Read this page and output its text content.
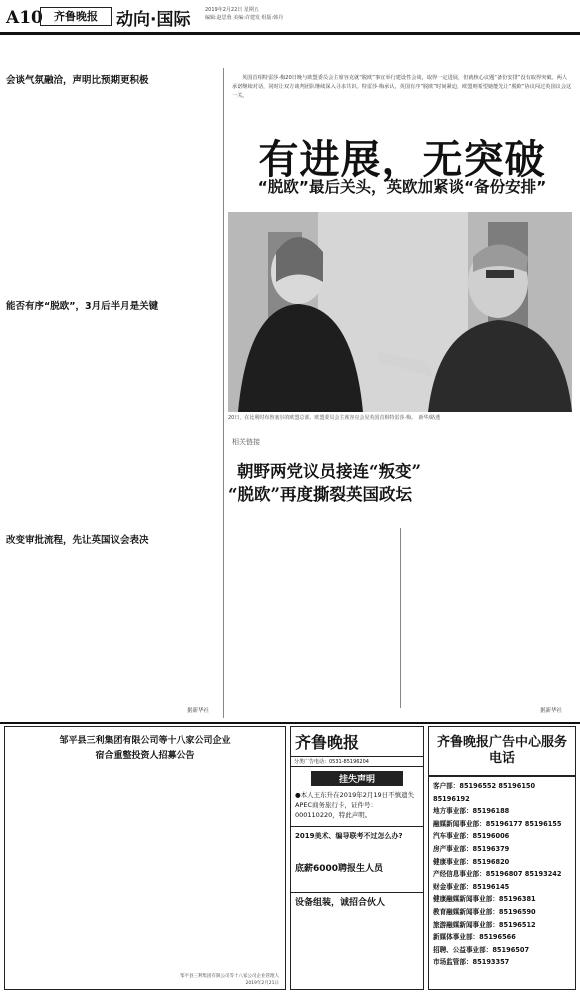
A10	齐鲁晚报	动向·国际	2019年2月22日 星期五
编辑:赵思蓉 美编:许建发 组版:韩丹
会谈气氛融洽，声明比预期更积极

能否有序“脱欧”，3月后半月是关键

改变审批流程，先让英国议会表决

据新华社
英国首相特雷莎·梅20日晚与欧盟委员会主席容克就“脱欧”事宜举行建设性会谈，取得一定进展，但就核心议题“备份安排”没有取得突破。两人承诺继续对话，同时让双方谈判团队继续深入寻求共识。特雷莎·梅承认，英国有序“脱欧”时间紧迫，欧盟则希望她能先让“脱欧”协议闯过英国议会这一关。
有进展，无突破
“脱欧”最后关头，英欧加紧谈“备份安排”
20日，在比利时布鲁塞尔的欧盟总部，欧盟委员会主席容克会见英国首相特雷莎·梅。　新华/路透
相关链接
朝野两党议员接连“叛变”
“脱欧”再度撕裂英国政坛

据新华社
邹平县三利集团有限公司等十八家公司企业
宿合重整投资人招募公告

邹平县三利集团有限公司等十八家公司企业管理人
2019年2月21日
齐鲁晚报
分类广告电话：0531-85196204
挂失声明
●本人王东升在2019年2月19日不慎遗失APEC商务旅行卡，证件号：000110220，特此声明。
2019美术、编导联考不过怎么办?

底薪6000聘报生人员

设备组装，诚招合伙人
齐鲁晚报广告中心服务电话
客户部：85196552 85196150 85196192
地方事业部：85196188
融媒新闻事业部：85196177 85196155
汽车事业部：85196006
房产事业部：85196379
健康事业部：85196820
产经信息事业部：85196807 85193242
财金事业部：85196145
健康融媒新闻事业部：85196381
教育融媒新闻事业部：85196590
旅游融媒新闻事业部：85196512
新媒体事业部：85196566
招聘、公益事业部：85196507
市场监管部：85193357
